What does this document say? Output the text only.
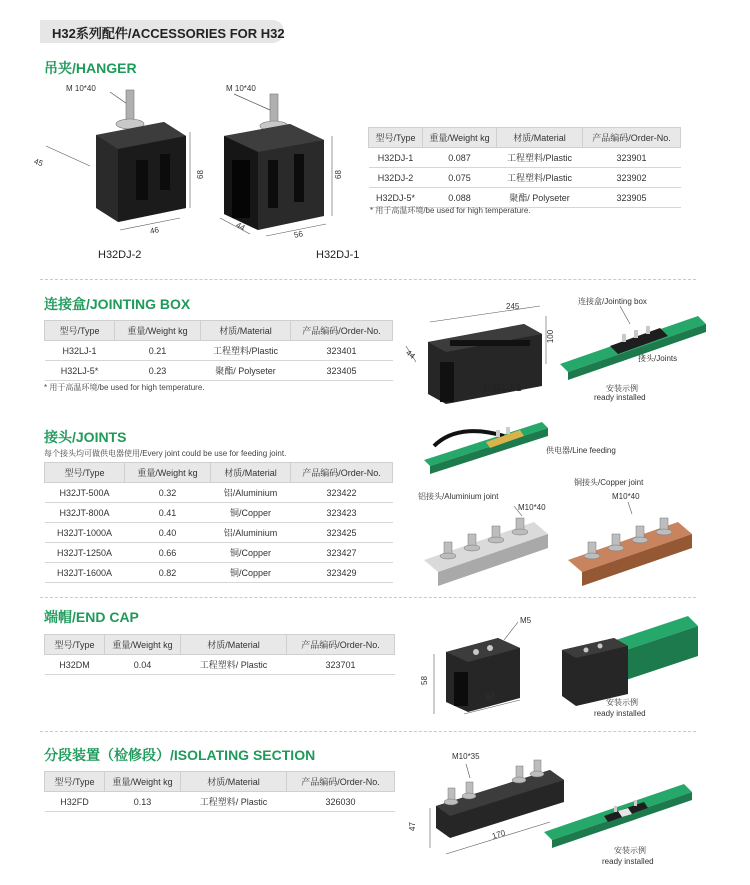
H32系列配件/ACCESSORIES FOR H32
吊夹/HANGER
M 10*40
45
68
46
H32DJ-2
M 10*40
68
44
56
H32DJ-1
型号/Type	重量/Weight kg	材质/Material	产品编码/Order-No.
H32DJ-1	0.087	工程塑料/Plastic	323901
H32DJ-2	0.075	工程塑料/Plastic	323902
H32DJ-5*	0.088	聚酯/ Polyseter	323905
* 用于高温环境/be used for high temperature.
连接盒/JOINTING BOX
型号/Type	重量/Weight kg	材质/Material	产品编码/Order-No.
H32LJ-1	0.21	工程塑料/Plastic	323401
H32LJ-5*	0.23	聚酯/ Polyseter	323405
* 用于高温环境/be used for high temperature.
245
100
44
H32LJ-1
连接盒/Jointing box
接头/Joints
安装示例
ready installed
接头/JOINTS
每个接头均可做供电器使用/Every joint could be use for feeding joint.
型号/Type	重量/Weight kg	材质/Material	产品编码/Order-No.
H32JT-500A	0.32	铝/Aluminium	323422
H32JT-800A	0.41	铜/Copper	323423
H32JT-1000A	0.40	铝/Aluminium	323425
H32JT-1250A	0.66	铜/Copper	323427
H32JT-1600A	0.82	铜/Copper	323429
供电器/Line feeding
铝接头/Aluminium joint
M10*40
铜接头/Copper joint
M10*40
端帽/END CAP
型号/Type	重量/Weight kg	材质/Material	产品编码/Order-No.
H32DM	0.04	工程塑料/ Plastic	323701
M5
58
82
安装示例
ready installed
分段装置（检修段）/ISOLATING SECTION
型号/Type	重量/Weight kg	材质/Material	产品编码/Order-No.
H32FD	0.13	工程塑料/ Plastic	326030
M10*35
47
170
安装示例
ready installed
